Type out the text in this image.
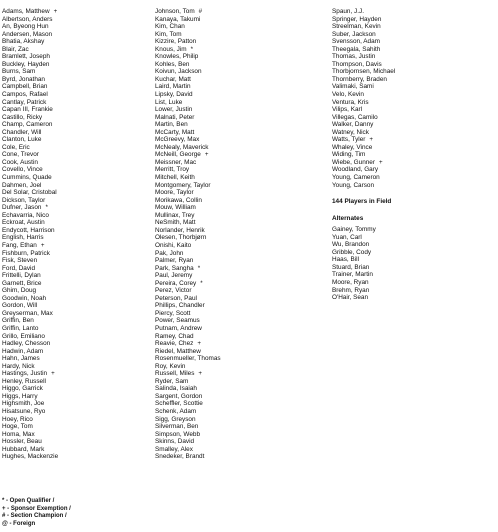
Adams, Matthew +
Albertson, Anders
An, Byeong Hun
Andersen, Mason
Bhatia, Akshay
Blair, Zac
Bramlett, Joseph
Buckley, Hayden
Burns, Sam
Byrd, Jonathan
Campbell, Brian
Campos, Rafael
Cantlay, Patrick
Capan III, Frankie
Castillo, Ricky
Champ, Cameron
Chandler, Will
Clanton, Luke
Cole, Eric
Cone, Trevor
Cook, Austin
Covello, Vince
Cummins, Quade
Dahmen, Joel
Del Solar, Cristobal
Dickson, Taylor
Dufner, Jason *
Echavarria, Nico
Eckroat, Austin
Endycott, Harrison
English, Harris
Fang, Ethan +
Fishburn, Patrick
Fisk, Steven
Ford, David
Frittelli, Dylan
Garnett, Brice
Ghim, Doug
Goodwin, Noah
Gordon, Will
Greyserman, Max
Griffin, Ben
Griffin, Lanto
Grillo, Emiliano
Hadley, Chesson
Hadwin, Adam
Hahn, James
Hardy, Nick
Hastings, Justin +
Henley, Russell
Higgo, Garrick
Higgs, Harry
Highsmith, Joe
Hisatsune, Ryo
Hoey, Rico
Hoge, Tom
Homa, Max
Hossler, Beau
Hubbard, Mark
Hughes, Mackenzie
Johnson, Tom #
Kanaya, Takumi
Kim, Chan
Kim, Tom
Kizzire, Patton
Knous, Jim *
Knowles, Philip
Kohles, Ben
Koivun, Jackson
Kuchar, Matt
Laird, Martin
Lipsky, David
List, Luke
Lower, Justin
Malnati, Peter
Martin, Ben
McCarty, Matt
McGreevy, Max
McNealy, Maverick
McNeill, George +
Meissner, Mac
Merritt, Troy
Mitchell, Keith
Montgomery, Taylor
Moore, Taylor
Morikawa, Collin
Mouw, William
Mullinax, Trey
NeSmith, Matt
Norlander, Henrik
Olesen, Thorbjørn
Onishi, Kaito
Pak, John
Palmer, Ryan
Park, Sangha *
Paul, Jeremy
Pereira, Corey *
Perez, Victor
Peterson, Paul
Phillips, Chandler
Piercy, Scott
Power, Seamus
Putnam, Andrew
Ramey, Chad
Reavie, Chez +
Riedel, Matthew
Rosenmueller, Thomas
Roy, Kevin
Russell, Miles +
Ryder, Sam
Salinda, Isaiah
Sargent, Gordon
Scheffler, Scottie
Schenk, Adam
Sigg, Greyson
Silverman, Ben
Simpson, Webb
Skinns, David
Smalley, Alex
Snedeker, Brandt
Spaun, J.J.
Springer, Hayden
Streelman, Kevin
Suber, Jackson
Svensson, Adam
Theegala, Sahith
Thomas, Justin
Thompson, Davis
Thorbjornsen, Michael
Thornberry, Braden
Valimaki, Sami
Velo, Kevin
Ventura, Kris
Vilips, Karl
Villegas, Camilo
Walker, Danny
Watney, Nick
Watts, Tyler +
Whaley, Vince
Widing, Tim
Wiebe, Gunner +
Woodland, Gary
Young, Cameron
Young, Carson
144 Players in Field
Alternates
Gainey, Tommy
Yuan, Carl
Wu, Brandon
Gribble, Cody
Haas, Bill
Stuard, Brian
Trainer, Martin
Moore, Ryan
Brehm, Ryan
O'Hair, Sean
* - Open Qualifier /
+ - Sponsor Exemption /
# - Section Champion /
@ - Foreign
